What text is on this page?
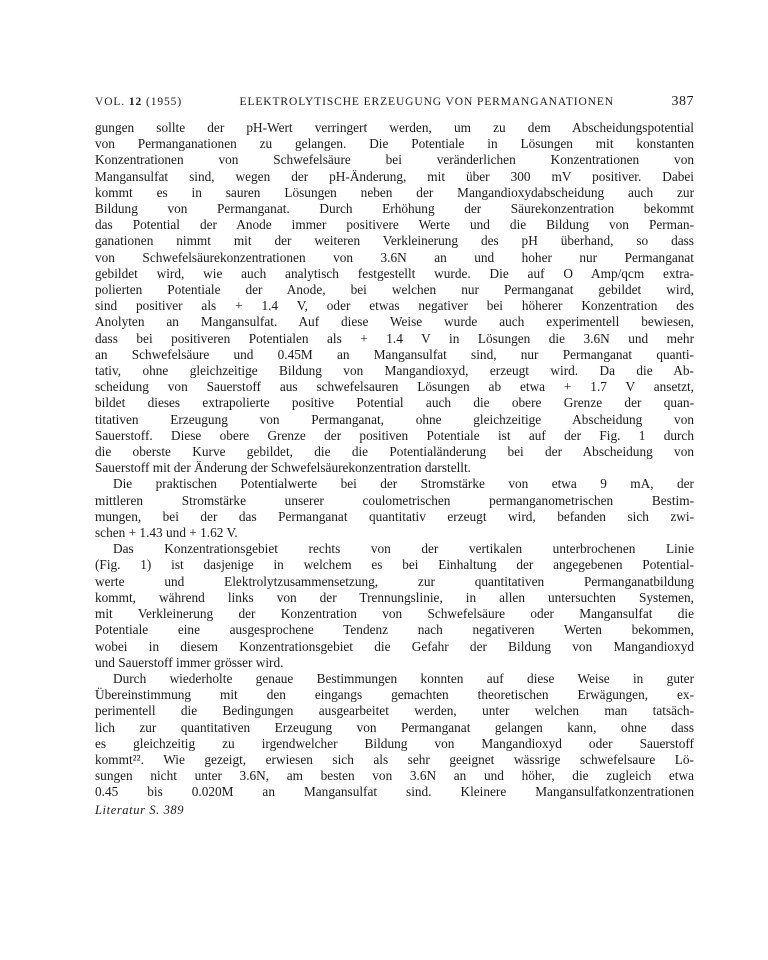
VOL. 12 (1955)	ELEKTROLYTISCHE ERZEUGUNG VON PERMANGANATIONEN	387

gungen sollte der pH-Wert verringert werden, um zu dem Abscheidungspotential
von Permanganationen zu gelangen. Die Potentiale in Lösungen mit konstanten
Konzentrationen von Schwefelsäure bei veränderlichen Konzentrationen von
Mangansulfat sind, wegen der pH-Änderung, mit über 300 mV positiver. Dabei
kommt es in sauren Lösungen neben der Mangandioxydabscheidung auch zur
Bildung von Permanganat. Durch Erhöhung der Säurekonzentration bekommt
das Potential der Anode immer positivere Werte und die Bildung von Perman-
ganationen nimmt mit der weiteren Verkleinerung des pH überhand, so dass
von Schwefelsäurekonzentrationen von 3.6N an und hoher nur Permanganat
gebildet wird, wie auch analytisch festgestellt wurde. Die auf O Amp/qcm extra-
polierten Potentiale der Anode, bei welchen nur Permanganat gebildet wird,
sind positiver als + 1.4 V, oder etwas negativer bei höherer Konzentration des
Anolyten an Mangansulfat. Auf diese Weise wurde auch experimentell bewiesen,
dass bei positiveren Potentialen als + 1.4 V in Lösungen die 3.6N und mehr
an Schwefelsäure und 0.45M an Mangansulfat sind, nur Permanganat quanti-
tativ, ohne gleichzeitige Bildung von Mangandioxyd, erzeugt wird. Da die Ab-
scheidung von Sauerstoff aus schwefelsauren Lösungen ab etwa + 1.7 V ansetzt,
bildet dieses extrapolierte positive Potential auch die obere Grenze der quan-
titativen Erzeugung von Permanganat, ohne gleichzeitige Abscheidung von
Sauerstoff. Diese obere Grenze der positiven Potentiale ist auf der Fig. 1 durch
die oberste Kurve gebildet, die die Potentialänderung bei der Abscheidung von
Sauerstoff mit der Änderung der Schwefelsäurekonzentration darstellt.

Die praktischen Potentialwerte bei der Stromstärke von etwa 9 mA, der
mittleren Stromstärke unserer coulometrischen permanganometrischen Bestim-
mungen, bei der das Permanganat quantitativ erzeugt wird, befanden sich zwi-
schen + 1.43 und + 1.62 V.

Das Konzentrationsgebiet rechts von der vertikalen unterbrochenen Linie
(Fig. 1) ist dasjenige in welchem es bei Einhaltung der angegebenen Potential-
werte und Elektrolytzusammensetzung, zur quantitativen Permanganatbildung
kommt, während links von der Trennungslinie, in allen untersuchten Systemen,
mit Verkleinerung der Konzentration von Schwefelsäure oder Mangansulfat die
Potentiale eine ausgesprochene Tendenz nach negativeren Werten bekommen,
wobei in diesem Konzentrationsgebiet die Gefahr der Bildung von Mangandioxyd
und Sauerstoff immer grösser wird.

Durch wiederholte genaue Bestimmungen konnten auf diese Weise in guter
Übereinstimmung mit den eingangs gemachten theoretischen Erwägungen, ex-
perimentell die Bedingungen ausgearbeitet werden, unter welchen man tatsäch-
lich zur quantitativen Erzeugung von Permanganat gelangen kann, ohne dass
es gleichzeitig zu irgendwelcher Bildung von Mangandioxyd oder Sauerstoff
kommt²². Wie gezeigt, erwiesen sich als sehr geeignet wässrige schwefelsaure Lö-
sungen nicht unter 3.6N, am besten von 3.6N an und höher, die zugleich etwa
0.45 bis 0.020M an Mangansulfat sind. Kleinere Mangansulfatkonzentrationen

Literatur S. 389
